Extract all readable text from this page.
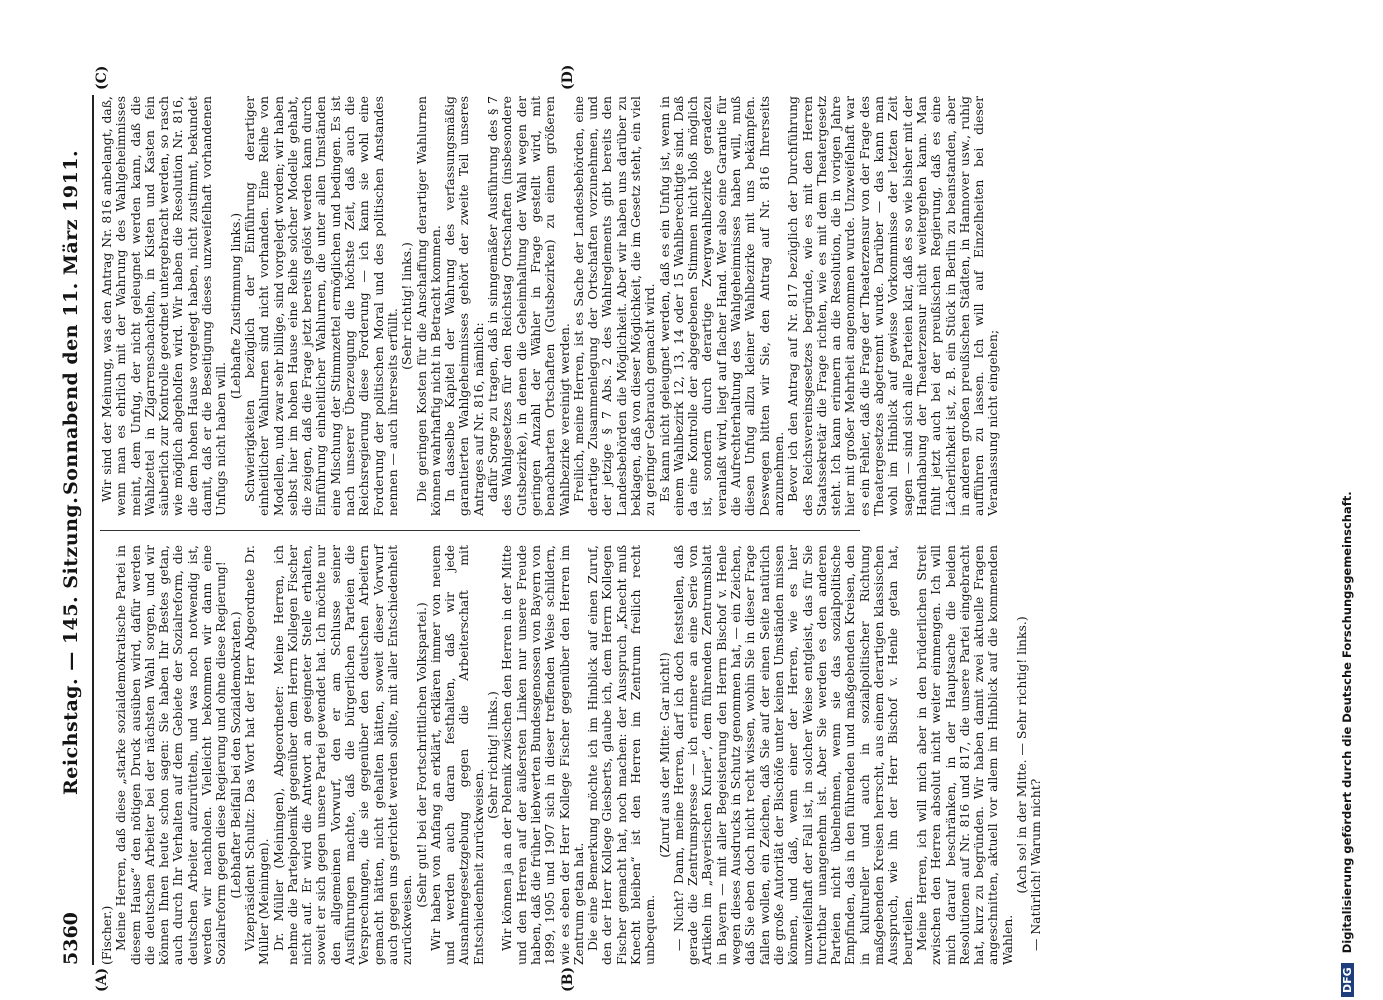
5360
Reichstag. — 145. Sitzung.
Sonnabend den 11. März 1911.
(A)	(B)
(C)	(D)

(Fischer.) Meine Herren, daß diese „starke sozialdemokratische Partei in diesem Hause“ den nötigen Druck ausüben wird, dafür werden die deutschen Arbeiter bei der nächsten Wahl sorgen, und wir können Ihnen heute schon sagen: Sie haben Ihr Bestes getan, auch durch Ihr Verhalten auf dem Gebiete der Sozialreform, die deutschen Arbeiter aufzurütteln, und was noch notwendig ist, werden wir nachholen. Vielleicht bekommen wir dann eine Sozialreform gegen diese Regierung und ohne diese Regierung! (Lebhafter Beifall bei den Sozialdemokraten.) Vizepräsident Schultz: Das Wort hat der Herr Abgeordnete Dr. Müller (Meiningen). Dr. Müller (Meiningen), Abgeordneter: Meine Herren, ich nehme die Parteipolemik gegenüber dem Herrn Kollegen Fischer nicht auf. Er wird die Antwort an geeigneter Stelle erhalten, soweit er sich gegen unsere Partei gewendet hat. Ich möchte nur den allgemeinen Vorwurf, den er am Schlusse seiner Ausführungen machte, daß die bürgerlichen Parteien die Versprechungen, die sie gegenüber den deutschen Arbeitern gemacht hätten, nicht gehalten hätten, soweit dieser Vorwurf auch gegen uns gerichtet werden sollte, mit aller Entschiedenheit zurückweisen.

(Sehr gut! bei der Fortschrittlichen Volkspartei.) Wir haben von Anfang an erklärt, erklären immer von neuem und werden auch daran festhalten, daß wir jede Ausnahmegesetzgebung gegen die Arbeiterschaft mit Entschiedenheit zurückweisen.

(Sehr richtig! links.) Wir können ja an der Polemik zwischen den Herren in der Mitte und den Herren auf der äußersten Linken nur unsere Freude haben, daß die früher liebwerten Bundesgenossen von Bayern von 1899, 1905 und 1907 sich in dieser treffenden Weise schildern, wie es eben der Herr Kollege Fischer gegenüber den Herren im Zentrum getan hat. Die eine Bemerkung möchte ich im Hinblick auf einen Zuruf, den der Herr Kollege Giesberts, glaube ich, dem Herrn Kollegen Fischer gemacht hat, noch machen: der Ausspruch „Knecht muß Knecht bleiben“ ist den Herren im Zentrum freilich recht unbequem.

(Zuruf aus der Mitte: Gar nicht!) — Nicht? Dann, meine Herren, darf ich doch feststellen, daß gerade die Zentrumspresse — ich erinnere an eine Serie von Artikeln im „Bayerischen Kurier“, dem führenden Zentrumsblatt in Bayern — mit aller Begeisterung den Herrn Bischof v. Henle wegen dieses Ausdrucks in Schutz genommen hat, — ein Zeichen, daß Sie eben doch nicht recht wissen, wohin Sie in dieser Frage fallen wollen, ein Zeichen, daß Sie auf der einen Seite natürlich die große Autorität der Bischöfe unter keinen Umständen missen können, und daß, wenn einer der Herren, wie es hier unzweifelhaft der Fall ist, in solcher Weise entgleist, das für Sie furchtbar unangenehm ist. Aber Sie werden es den anderen Parteien nicht übelnehmen, wenn sie das sozialpolitische Empfinden, das in den führenden und maßgebenden Kreisen, den in kultureller und auch in sozialpolitischer Richtung maßgebenden Kreisen herrscht, aus einem derartigen klassischen Ausspruch, wie ihn der Herr Bischof v. Henle getan hat, beurteilen. Meine Herren, ich will mich aber in den brüderlichen Streit zwischen den Herren absolut nicht weiter einmengen. Ich will mich darauf beschränken, in der Hauptsache die beiden Resolutionen auf Nr. 816 und 817, die unsere Partei eingebracht hat, kurz zu begründen. Wir haben damit zwei aktuelle Fragen angeschnitten, aktuell vor allem im Hinblick auf die kommenden Wahlen.

(Ach so! in der Mitte. — Sehr richtig! links.) — Natürlich! Warum nicht?

Wir sind der Meinung, was den Antrag Nr. 816 anbelangt, daß, wenn man es ehrlich mit der Wahrung des Wahlgeheimnisses meint, dem Unfug, der nicht geleugnet werden kann, daß die Wahlzettel in Zigarrenschachteln, in Kisten und Kasten fein säuberlich zur Kontrolle geordnet untergebracht werden, so rasch wie möglich abgeholfen wird. Wir haben die Resolution Nr. 816, die dem hohen Hause vorgelegt haben, nicht zustimmt, bekundet damit, daß er die Beseitigung dieses unzweifelhaft vorhandenen Unfugs nicht haben will.

(Lebhafte Zustimmung links.) Schwierigkeiten bezüglich der Einführung derartiger einheitlicher Wahlurnen sind nicht vorhanden. Eine Reihe von Modellen, und zwar sehr billige, sind vorgelegt worden; wir haben selbst hier im hohen Hause eine Reihe solcher Modelle gehabt, die zeigen, daß die Frage jetzt bereits gelöst werden kann durch Einführung einheitlicher Wahlurnen, die unter allen Umständen eine Mischung der Stimmzettel ermöglichen und bedingen. Es ist nach unserer Überzeugung die höchste Zeit, daß auch die Reichsregierung diese Forderung — ich kann sie wohl eine Forderung der politischen Moral und des politischen Anstandes nennen — auch ihrerseits erfüllt.

(Sehr richtig! links.) Die geringen Kosten für die Anschaffung derartiger Wahlurnen können wahrhaftig nicht in Betracht kommen. In dasselbe Kapitel der Wahrung des verfassungsmäßig garantierten Wahlgeheimnisses gehört der zweite Teil unseres Antrages auf Nr. 816, nämlich: dafür Sorge zu tragen, daß in sinngemäßer Ausführung des § 7 des Wahlgesetzes für den Reichstag Ortschaften (insbesondere Gutsbezirke), in denen die Geheimhaltung der Wahl wegen der geringen Anzahl der Wähler in Frage gestellt wird, mit benachbarten Ortschaften (Gutsbezirken) zu einem größeren Wahlbezirke vereinigt werden. Freilich, meine Herren, ist es Sache der Landesbehörden, eine derartige Zusammenlegung der Ortschaften vorzunehmen, und der jetzige § 7 Abs. 2 des Wahlreglements gibt bereits den Landesbehörden die Möglichkeit. Aber wir haben uns darüber zu beklagen, daß von dieser Möglichkeit, die im Gesetz steht, ein viel zu geringer Gebrauch gemacht wird. Es kann nicht geleugnet werden, daß es ein Unfug ist, wenn in einem Wahlbezirk 12, 13, 14 oder 15 Wahlberechtigte sind. Daß da eine Kontrolle der abgegebenen Stimmen nicht bloß möglich ist, sondern durch derartige Zwergwahlbezirke geradezu veranlaßt wird, liegt auf flacher Hand. Wer also eine Garantie für die Aufrechterhaltung des Wahlgeheimnisses haben will, muß diesen Unfug allzu kleiner Wahlbezirke mit uns bekämpfen. Deswegen bitten wir Sie, den Antrag auf Nr. 816 Ihrerseits anzunehmen. Bevor ich den Antrag auf Nr. 817 bezüglich der Durchführung des Reichsvereinsgesetzes begründe, wie es mit den Herren Staatssekretär die Frage richten, wie es mit dem Theatergesetz steht. Ich kann erinnern an die Resolution, die in vorigen Jahre hier mit großer Mehrheit angenommen wurde. Unzweifelhaft war es ein Fehler, daß die Frage der Theaterzensur von der Frage des Theatergesetzes abgetrennt wurde. Darüber — das kann man wohl im Hinblick auf gewisse Vorkommnisse der letzten Zeit sagen — sind sich alle Parteien klar, daß es so wie bisher mit der Handhabung der Theaterzensur nicht weitergehen kann. Man fühlt jetzt auch bei der preußischen Regierung, daß es eine Lächerlichkeit ist, z. B. ein Stück in Berlin zu beanstanden, aber in anderen großen preußischen Städten, in Hannover usw., ruhig aufführen zu lassen. Ich will auf Einzelheiten bei dieser Veranlassung nicht eingehen;

DFG Digitalisierung gefördert durch die Deutsche Forschungsgemeinschaft.
